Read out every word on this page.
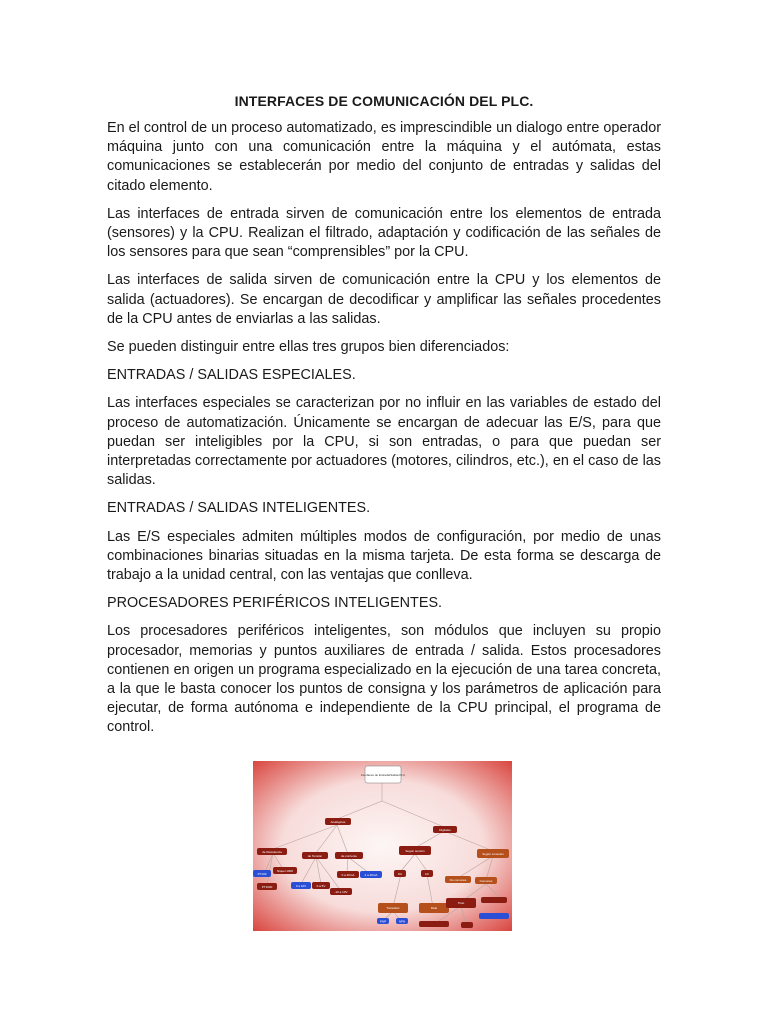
INTERFACES DE COMUNICACIÓN DEL PLC.

En el control de un proceso automatizado, es imprescindible un dialogo entre operador máquina junto con una comunicación entre la máquina y el autómata, estas comunicaciones se establecerán por medio del conjunto de entradas y salidas del citado elemento.

Las interfaces de entrada sirven de comunicación entre los elementos de entrada (sensores) y la CPU. Realizan el filtrado, adaptación y codificación de las señales de los sensores para que sean “comprensibles” por la CPU.

Las interfaces de salida sirven de comunicación entre la CPU y los elementos de salida (actuadores). Se encargan de decodificar y amplificar las señales procedentes de la CPU antes de enviarlas a las salidas.

Se pueden distinguir entre ellas tres grupos bien diferenciados:

ENTRADAS / SALIDAS ESPECIALES.

Las interfaces especiales se caracterizan por no influir en las variables de estado del proceso de automatización. Únicamente se encargan de adecuar las E/S, para que puedan ser inteligibles por la CPU, si son entradas, o para que puedan ser interpretadas correctamente por actuadores (motores, cilindros, etc.), en el caso de las salidas.

ENTRADAS / SALIDAS INTELIGENTES.

Las E/S especiales admiten múltiples modos de configuración, por medio de unas combinaciones binarias situadas en la misma tarjeta. De esta forma se descarga de trabajo a la unidad central, con las ventajas que conlleva.

PROCESADORES PERIFÉRICOS INTELIGENTES.

Los procesadores periféricos inteligentes, son módulos que incluyen su propio procesador, memorias y puntos auxiliares de entrada / salida. Estos procesadores contienen en origen un programa especializado en la ejecución de una tarea concreta, a la que le basta conocer los puntos de consigna y los parámetros de aplicación para ejecutar, de forma autónoma e independiente de la CPU principal, el programa de control.

Interfaces de Entrada/Salida PLC
Analógicas
Digitales
de Resistencia
de Tensión	de corriente
PT100
Niquel 1000
PT1000	0 a 10V	0 a 5V
-10 a 10V
0 a 20mA	4 a 20mA
Según tensión
Según conexión
DC	AC
No comunes	Comunes
Transistor	Relé
Triac
PNP	NPN
